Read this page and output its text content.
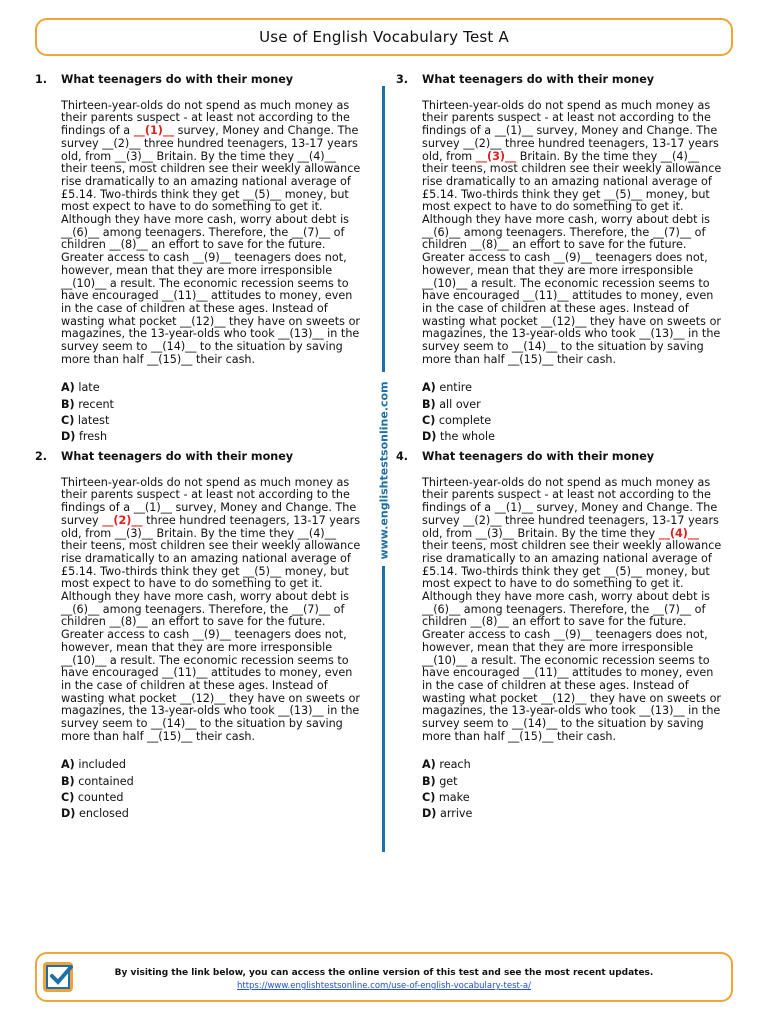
Use of English Vocabulary Test A
www.englishtestsonline.com
1. What teenagers do with their money
Thirteen-year-olds do not spend as much money as
their parents suspect - at least not according to the
findings of a __(1)__ survey, Money and Change. The
survey __(2)__ three hundred teenagers, 13-17 years
old, from __(3)__ Britain. By the time they __(4)__
their teens, most children see their weekly allowance
rise dramatically to an amazing national average of
£5.14. Two-thirds think they get __(5)__ money, but
most expect to have to do something to get it.
Although they have more cash, worry about debt is
__(6)__ among teenagers. Therefore, the __(7)__ of
children __(8)__ an effort to save for the future.
Greater access to cash __(9)__ teenagers does not,
however, mean that they are more irresponsible
__(10)__ a result. The economic recession seems to
have encouraged __(11)__ attitudes to money, even
in the case of children at these ages. Instead of
wasting what pocket __(12)__ they have on sweets or
magazines, the 13-year-olds who took __(13)__ in the
survey seem to __(14)__ to the situation by saving
more than half __(15)__ their cash.
A) late
B) recent
C) latest
D) fresh
2. What teenagers do with their money
Thirteen-year-olds do not spend as much money as
their parents suspect - at least not according to the
findings of a __(1)__ survey, Money and Change. The
survey __(2)__ three hundred teenagers, 13-17 years
old, from __(3)__ Britain. By the time they __(4)__
their teens, most children see their weekly allowance
rise dramatically to an amazing national average of
£5.14. Two-thirds think they get __(5)__ money, but
most expect to have to do something to get it.
Although they have more cash, worry about debt is
__(6)__ among teenagers. Therefore, the __(7)__ of
children __(8)__ an effort to save for the future.
Greater access to cash __(9)__ teenagers does not,
however, mean that they are more irresponsible
__(10)__ a result. The economic recession seems to
have encouraged __(11)__ attitudes to money, even
in the case of children at these ages. Instead of
wasting what pocket __(12)__ they have on sweets or
magazines, the 13-year-olds who took __(13)__ in the
survey seem to __(14)__ to the situation by saving
more than half __(15)__ their cash.
A) included
B) contained
C) counted
D) enclosed
3. What teenagers do with their money
Thirteen-year-olds do not spend as much money as
their parents suspect - at least not according to the
findings of a __(1)__ survey, Money and Change. The
survey __(2)__ three hundred teenagers, 13-17 years
old, from __(3)__ Britain. By the time they __(4)__
their teens, most children see their weekly allowance
rise dramatically to an amazing national average of
£5.14. Two-thirds think they get __(5)__ money, but
most expect to have to do something to get it.
Although they have more cash, worry about debt is
__(6)__ among teenagers. Therefore, the __(7)__ of
children __(8)__ an effort to save for the future.
Greater access to cash __(9)__ teenagers does not,
however, mean that they are more irresponsible
__(10)__ a result. The economic recession seems to
have encouraged __(11)__ attitudes to money, even
in the case of children at these ages. Instead of
wasting what pocket __(12)__ they have on sweets or
magazines, the 13-year-olds who took __(13)__ in the
survey seem to __(14)__ to the situation by saving
more than half __(15)__ their cash.
A) entire
B) all over
C) complete
D) the whole
4. What teenagers do with their money
Thirteen-year-olds do not spend as much money as
their parents suspect - at least not according to the
findings of a __(1)__ survey, Money and Change. The
survey __(2)__ three hundred teenagers, 13-17 years
old, from __(3)__ Britain. By the time they __(4)__
their teens, most children see their weekly allowance
rise dramatically to an amazing national average of
£5.14. Two-thirds think they get __(5)__ money, but
most expect to have to do something to get it.
Although they have more cash, worry about debt is
__(6)__ among teenagers. Therefore, the __(7)__ of
children __(8)__ an effort to save for the future.
Greater access to cash __(9)__ teenagers does not,
however, mean that they are more irresponsible
__(10)__ a result. The economic recession seems to
have encouraged __(11)__ attitudes to money, even
in the case of children at these ages. Instead of
wasting what pocket __(12)__ they have on sweets or
magazines, the 13-year-olds who took __(13)__ in the
survey seem to __(14)__ to the situation by saving
more than half __(15)__ their cash.
A) reach
B) get
C) make
D) arrive
By visiting the link below, you can access the online version of this test and see the most recent updates.
https://www.englishtestsonline.com/use-of-english-vocabulary-test-a/
